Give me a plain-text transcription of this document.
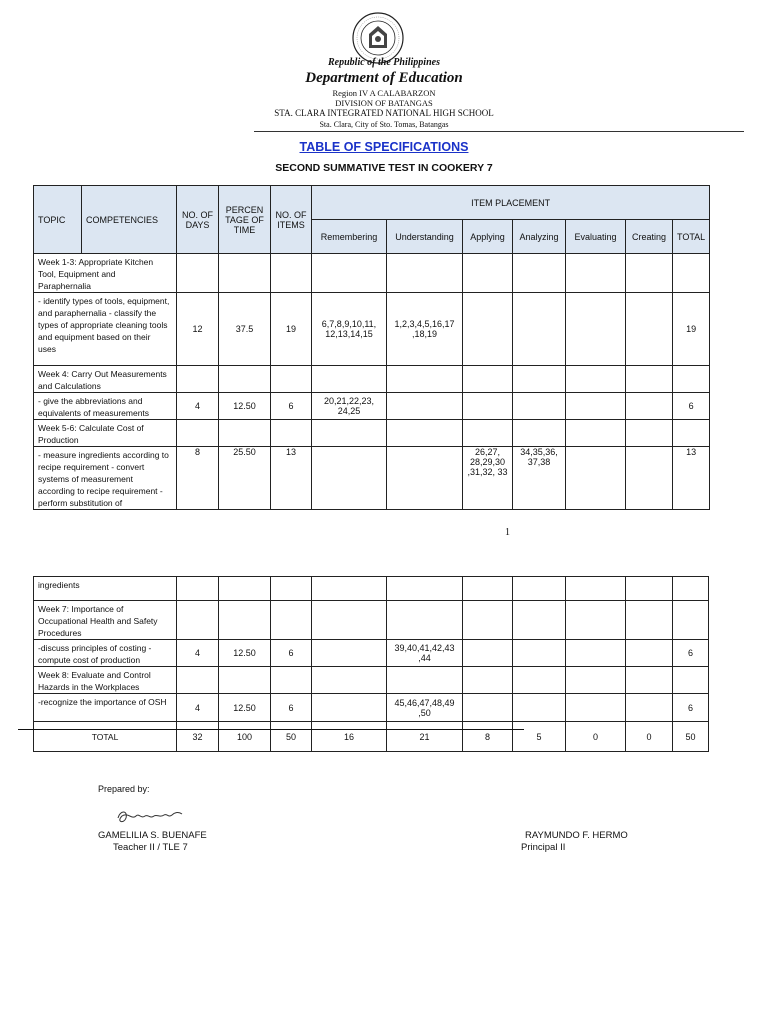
Republic of the Philippines
Department of Education
Region IV A CALABARZON
DIVISION OF BATANGAS
STA. CLARA INTEGRATED NATIONAL HIGH SCHOOL
Sta. Clara, City of Sto. Tomas, Batangas
TABLE OF SPECIFICATIONS
SECOND SUMMATIVE TEST IN COOKERY 7
TOPIC	COMPETENCIES	NO. OF DAYS	PERCEN TAGE OF TIME	NO. OF ITEMS	ITEM PLACEMENT						
					Remembering	Understanding	Applying	Analyzing	Evaluating	Creating	TOTAL

Week 1-3: Appropriate Kitchen Tool, Equipment and Paraphernalia											

- identify types of tools, equipment, and paraphernalia - classify the types of appropriate cleaning tools and equipment based on their uses		12	37.5	19	6,7,8,9,10,11, 12,13,14,15	1,2,3,4,5,16,17 ,18,19					19

Week 4: Carry Out Measurements and Calculations											

- give the abbreviations and equivalents of measurements		4	12.50	6	20,21,22,23, 24,25						6

Week 5-6: Calculate Cost of Production											

- measure ingredients according to recipe requirement - convert systems of measurement according to recipe requirement - perform substitution of		8	25.50	13			26,27, 28,29,30 ,31,32, 33	34,35,36, 37,38			13
1
ingredients										

Week 7: Importance of Occupational Health and Safety Procedures										

-discuss principles of costing - compute cost of production	4	12.50	6		39,40,41,42,43 ,44					6

Week 8: Evaluate and Control Hazards in the Workplaces										

-recognize the importance of OSH	4	12.50	6		45,46,47,48,49 ,50					6
TOTAL	32	100	50	16	21	8	5	0	0	50
Prepared by:
GAMELILIA S. BUENAFE
Teacher II / TLE 7
RAYMUNDO F. HERMO
Principal II
